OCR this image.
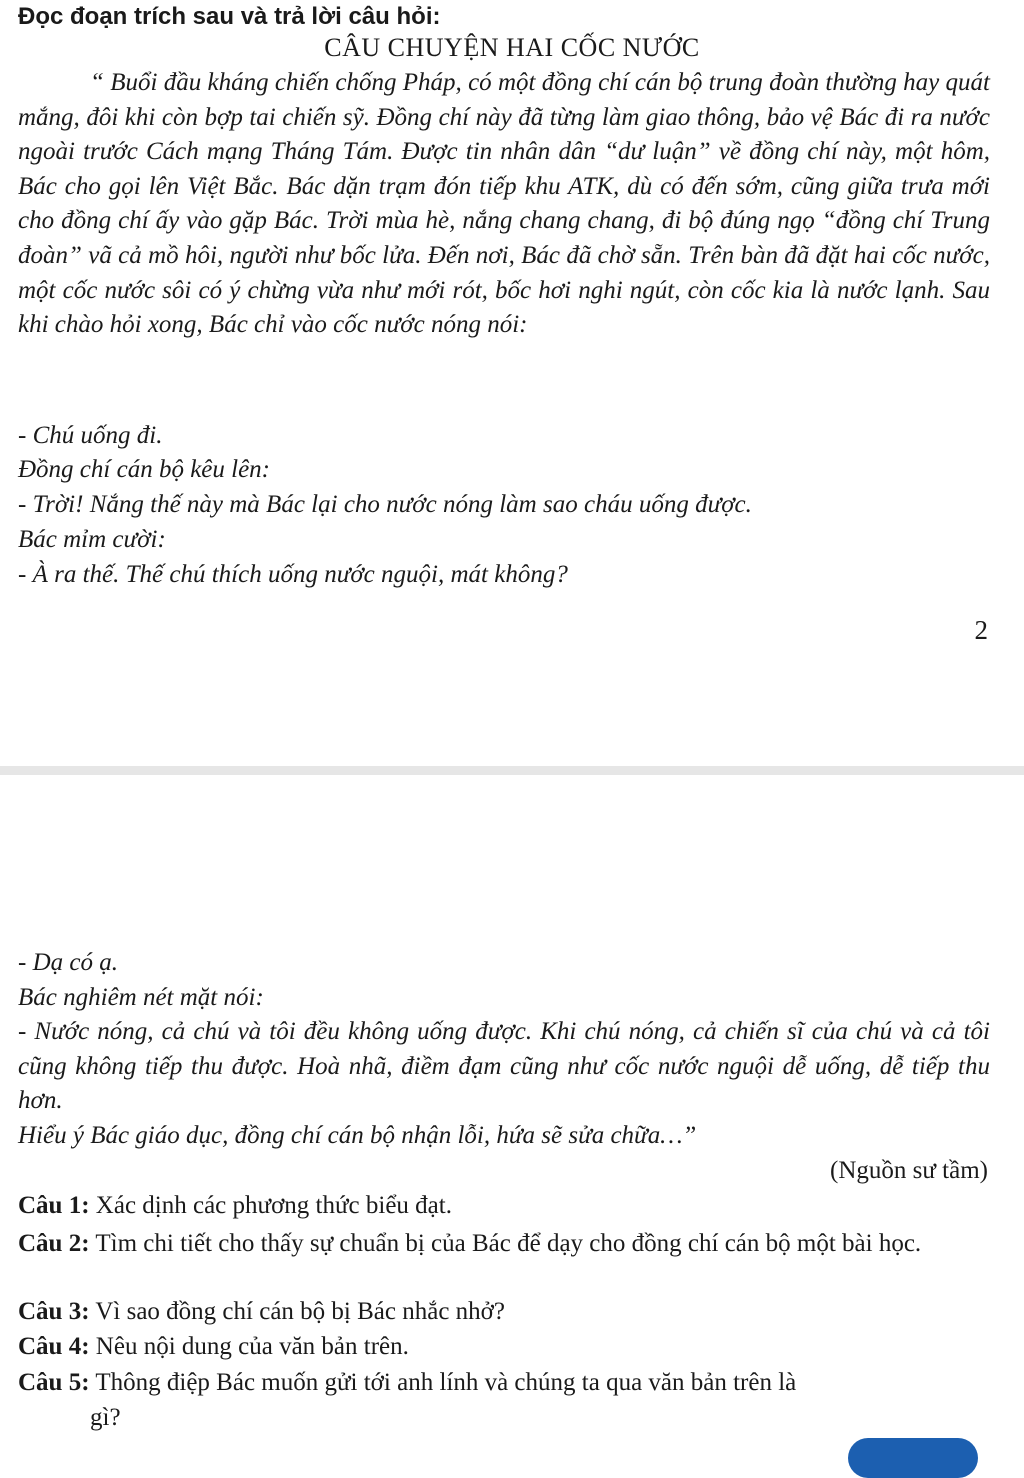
Đọc đoạn trích sau và trả lời câu hỏi:
CÂU CHUYỆN HAI CỐC NƯỚC
“ Buổi đầu kháng chiến chống Pháp, có một đồng chí cán bộ trung đoàn thường hay quát mắng, đôi khi còn bợp tai chiến sỹ. Đồng chí này đã từng làm giao thông, bảo vệ Bác đi ra nước ngoài trước Cách mạng Tháng Tám. Được tin nhân dân “dư luận” về đồng chí này, một hôm, Bác cho gọi lên Việt Bắc. Bác dặn trạm đón tiếp khu ATK, dù có đến sớm, cũng giữa trưa mới cho đồng chí ấy vào gặp Bác. Trời mùa hè, nắng chang chang, đi bộ đúng ngọ “đồng chí Trung đoàn” vã cả mồ hôi, người như bốc lửa. Đến nơi, Bác đã chờ sẵn. Trên bàn đã đặt hai cốc nước, một cốc nước sôi có ý chừng vừa như mới rót, bốc hơi nghi ngút, còn cốc kia là nước lạnh. Sau khi chào hỏi xong, Bác chỉ vào cốc nước nóng nói:
- Chú uống đi.
Đồng chí cán bộ kêu lên:
- Trời! Nắng thế này mà Bác lại cho nước nóng làm sao cháu uống được.
Bác mỉm cười:
- À ra thế. Thế chú thích uống nước nguội, mát không?
2
- Dạ có ạ.
Bác nghiêm nét mặt nói:
- Nước nóng, cả chú và tôi đều không uống được. Khi chú nóng, cả chiến sĩ của chú và cả tôi cũng không tiếp thu được. Hoà nhã, điềm đạm cũng như cốc nước nguội dễ uống, dễ tiếp thu hơn.
Hiểu ý Bác giáo dục, đồng chí cán bộ nhận lỗi, hứa sẽ sửa chữa…”
(Nguồn sư tầm)
Câu 1: Xác dịnh các phương thức biểu đạt.
Câu 2: Tìm chi tiết cho thấy sự chuẩn bị của Bác để dạy cho đồng chí cán bộ một bài học.
Câu 3: Vì sao đồng chí cán bộ bị Bác nhắc nhở?
Câu 4: Nêu nội dung của văn bản trên.
Câu 5: Thông điệp Bác muốn gửi tới anh lính và chúng ta qua văn bản trên là
gì?
